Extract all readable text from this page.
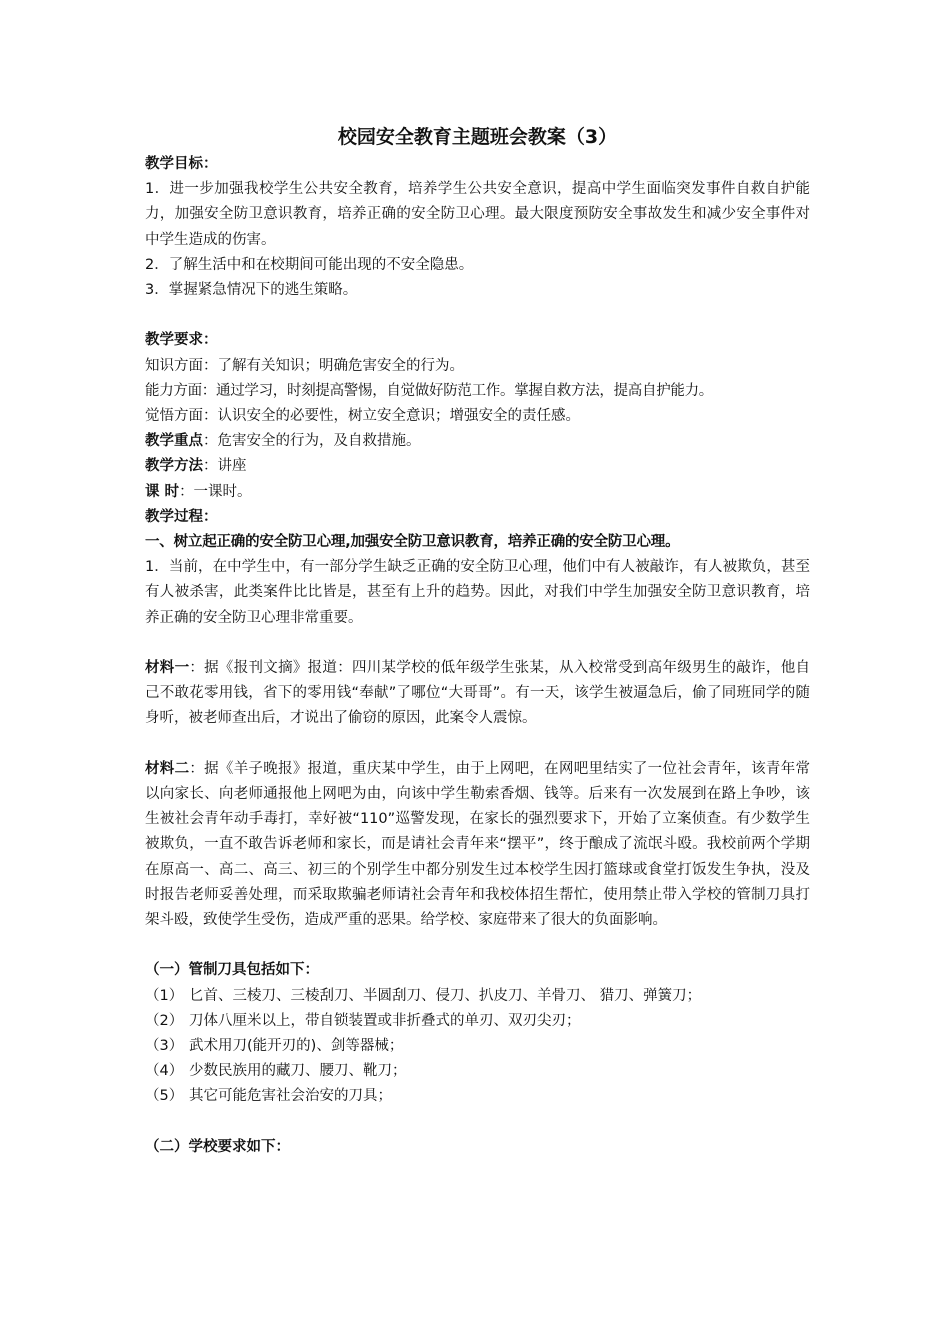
校园安全教育主题班会教案（3）

教学目标：

1．进一步加强我校学生公共安全教育，培养学生公共安全意识，提高中学生面临突发事件自救自护能力，加强安全防卫意识教育，培养正确的安全防卫心理。最大限度预防安全事故发生和减少安全事件对中学生造成的伤害。

2．了解生活中和在校期间可能出现的不安全隐患。

3．掌握紧急情况下的逃生策略。

教学要求：

知识方面：了解有关知识；明确危害安全的行为。

能力方面：通过学习，时刻提高警惕，自觉做好防范工作。掌握自救方法，提高自护能力。

觉悟方面：认识安全的必要性，树立安全意识；增强安全的责任感。

教学重点：危害安全的行为，及自救措施。

教学方法：讲座

课 时：一课时。

教学过程：

一、树立起正确的安全防卫心理,加强安全防卫意识教育，培养正确的安全防卫心理。

1．当前，在中学生中，有一部分学生缺乏正确的安全防卫心理，他们中有人被敲诈，有人被欺负，甚至有人被杀害，此类案件比比皆是，甚至有上升的趋势。因此，对我们中学生加强安全防卫意识教育，培养正确的安全防卫心理非常重要。

材料一：据《报刊文摘》报道：四川某学校的低年级学生张某，从入校常受到高年级男生的敲诈，他自己不敢花零用钱，省下的零用钱“奉献”了哪位“大哥哥”。有一天，该学生被逼急后，偷了同班同学的随身听，被老师查出后，才说出了偷窃的原因，此案令人震惊。

材料二：据《羊子晚报》报道，重庆某中学生，由于上网吧，在网吧里结实了一位社会青年，该青年常以向家长、向老师通报他上网吧为由，向该中学生勒索香烟、钱等。后来有一次发展到在路上争吵，该生被社会青年动手毒打，幸好被“110”巡警发现，在家长的强烈要求下，开始了立案侦查。有少数学生被欺负，一直不敢告诉老师和家长，而是请社会青年来“摆平”，终于酿成了流氓斗殴。我校前两个学期在原高一、高二、高三、初三的个别学生中都分别发生过本校学生因打篮球或食堂打饭发生争执，没及时报告老师妥善处理，而采取欺骗老师请社会青年和我校体招生帮忙，使用禁止带入学校的管制刀具打架斗殴，致使学生受伤，造成严重的恶果。给学校、家庭带来了很大的负面影响。

（一）管制刀具包括如下：

（1） 匕首、三棱刀、三棱刮刀、半圆刮刀、侵刀、扒皮刀、羊骨刀、 猎刀、弹簧刀；

（2） 刀体八厘米以上，带自锁装置或非折叠式的单刃、双刃尖刃；

（3） 武术用刀(能开刃的)、剑等器械；

（4） 少数民族用的藏刀、腰刀、靴刀；

（5） 其它可能危害社会治安的刀具；

（二）学校要求如下：
